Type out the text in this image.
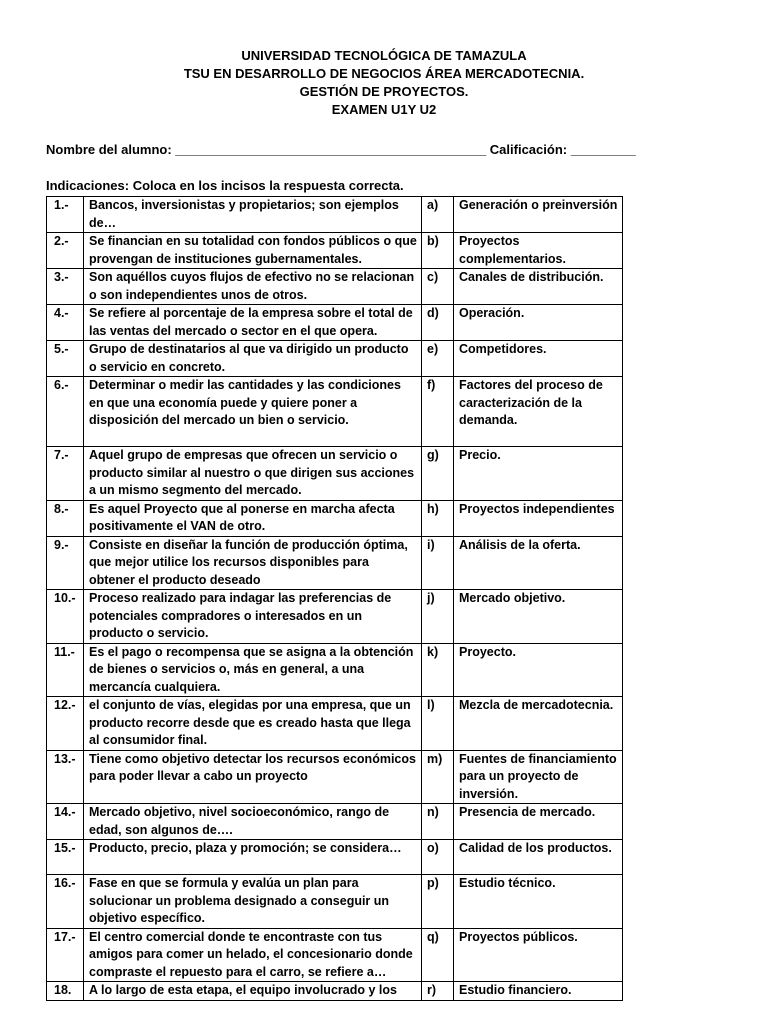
UNIVERSIDAD TECNOLÓGICA DE TAMAZULA
TSU EN DESARROLLO DE NEGOCIOS ÁREA MERCADOTECNIA.
GESTIÓN DE PROYECTOS.
EXAMEN U1Y U2
Nombre del alumno: ___________________________________________ Calificación: _________
Indicaciones: Coloca en los incisos la respuesta correcta.
1.-	Bancos, inversionistas y propietarios; son ejemplos de…	a)	Generación o preinversión
2.-	Se financian en su totalidad con fondos públicos o que provengan de instituciones gubernamentales.	b)	Proyectos complementarios.
3.-	Son aquéllos cuyos flujos de efectivo no se relacionan o son independientes unos de otros.	c)	Canales de distribución.
4.-	Se refiere al porcentaje de la empresa sobre el total de las ventas del mercado o sector en el que opera.	d)	Operación.
5.-	Grupo de destinatarios al que va dirigido un producto o servicio en concreto.	e)	Competidores.
6.-	Determinar o medir las cantidades y las condiciones en que una economía puede y quiere poner a disposición del mercado un bien o servicio.	f)	Factores del proceso de caracterización de la demanda.
7.-	Aquel grupo de empresas que ofrecen un servicio o producto similar al nuestro o que dirigen sus acciones a un mismo segmento del mercado.	g)	Precio.
8.-	Es aquel Proyecto que al ponerse en marcha afecta positivamente el VAN de otro.	h)	Proyectos independientes
9.-	Consiste en diseñar la función de producción óptima, que mejor utilice los recursos disponibles para obtener el producto deseado	i)	Análisis de la oferta.
10.-	Proceso realizado para indagar las preferencias de potenciales compradores o interesados en un producto o servicio.	j)	Mercado objetivo.
11.-	Es el pago o recompensa que se asigna a la obtención de bienes o servicios o, más en general, a una mercancía cualquiera.	k)	Proyecto.
12.-	el conjunto de vías, elegidas por una empresa, que un producto recorre desde que es creado hasta que llega al consumidor final.	l)	Mezcla de mercadotecnia.
13.-	Tiene como objetivo detectar los recursos económicos para poder llevar a cabo un proyecto	m)	Fuentes de financiamiento para un proyecto de inversión.
14.-	Mercado objetivo, nivel socioeconómico, rango de edad, son algunos de….	n)	Presencia de mercado.
15.-	Producto, precio, plaza y promoción; se considera…	o)	Calidad de los productos.
16.-	Fase en que se formula y evalúa un plan para solucionar un problema designado a conseguir un objetivo específico.	p)	Estudio técnico.
17.-	El centro comercial donde te encontraste con tus amigos para comer un helado, el concesionario donde compraste el repuesto para el carro, se refiere a…	q)	Proyectos públicos.
18.	A lo largo de esta etapa, el equipo involucrado y los	r)	Estudio financiero.
